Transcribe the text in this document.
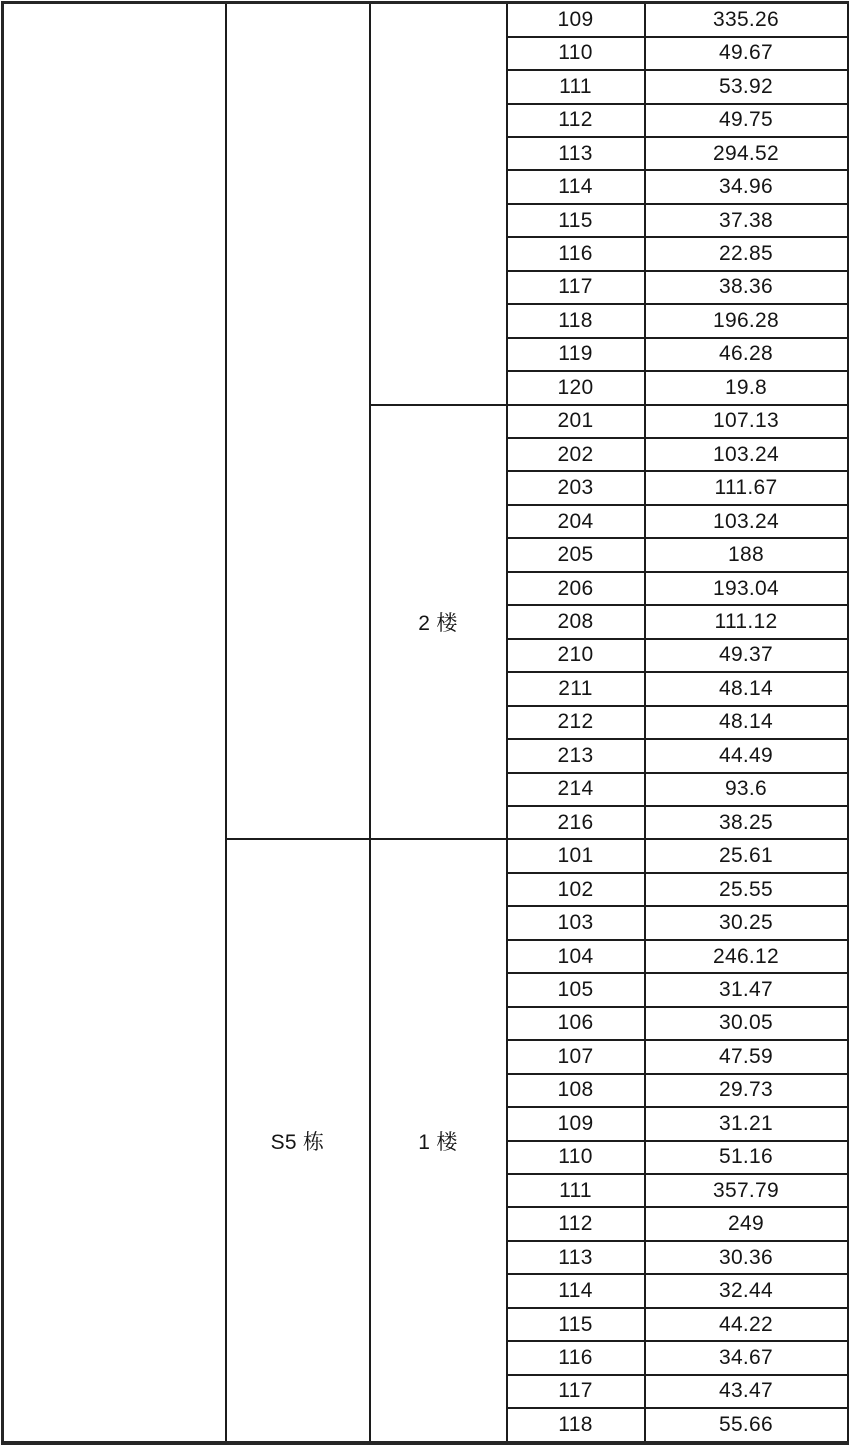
			109	335.26
			110	49.67
			111	53.92
			112	49.75
			113	294.52
			114	34.96
			115	37.38
			116	22.85
			117	38.36
			118	196.28
			119	46.28
			120	19.8
		2 楼	201	107.13
			202	103.24
			203	111.67
			204	103.24
			205	188
			206	193.04
			208	111.12
			210	49.37
			211	48.14
			212	48.14
			213	44.49
			214	93.6
			216	38.25
	S5 栋	1 楼	101	25.61
			102	25.55
			103	30.25
			104	246.12
			105	31.47
			106	30.05
			107	47.59
			108	29.73
			109	31.21
			110	51.16
			111	357.79
			112	249
			113	30.36
			114	32.44
			115	44.22
			116	34.67
			117	43.47
			118	55.66
